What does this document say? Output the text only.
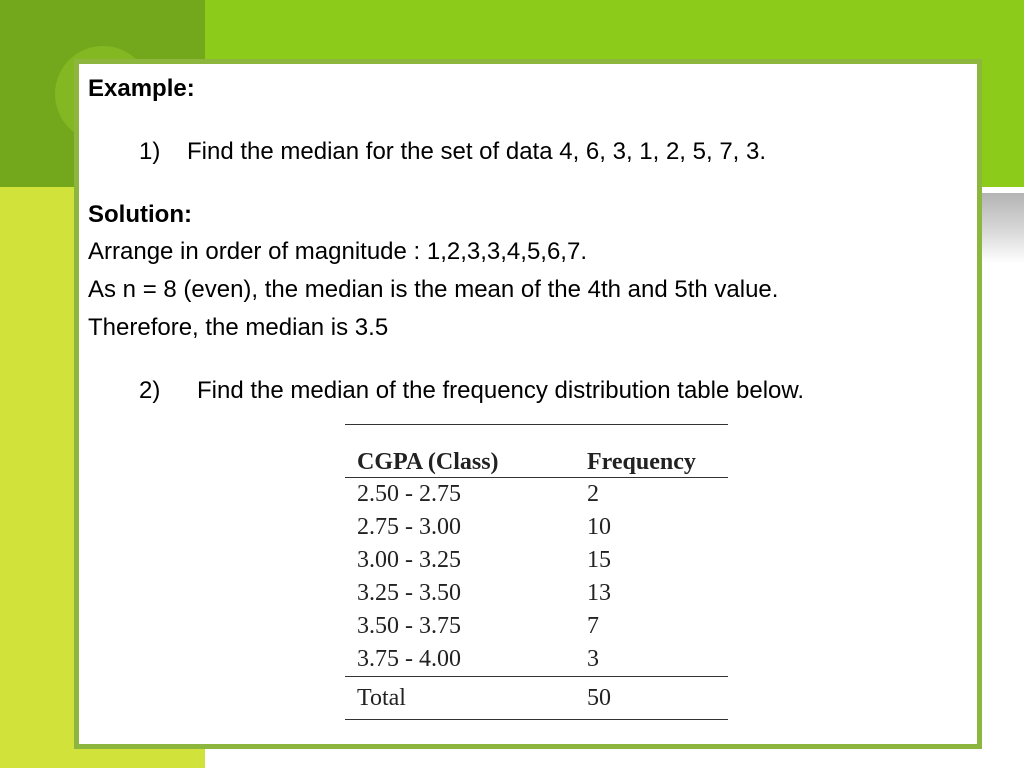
Example:
1) Find the median for the set of data 4, 6, 3, 1, 2, 5, 7, 3.
Solution:
Arrange in order of magnitude : 1,2,3,3,4,5,6,7.
As n = 8 (even), the median is the mean of the 4th and 5th value.
Therefore, the median is 3.5
2) Find the median of the frequency distribution table below.
CGPA (Class)	Frequency
2.50 - 2.75	2
2.75 - 3.00	10
3.00 - 3.25	15
3.25 - 3.50	13
3.50 - 3.75	7
3.75 - 4.00	3
Total	50
